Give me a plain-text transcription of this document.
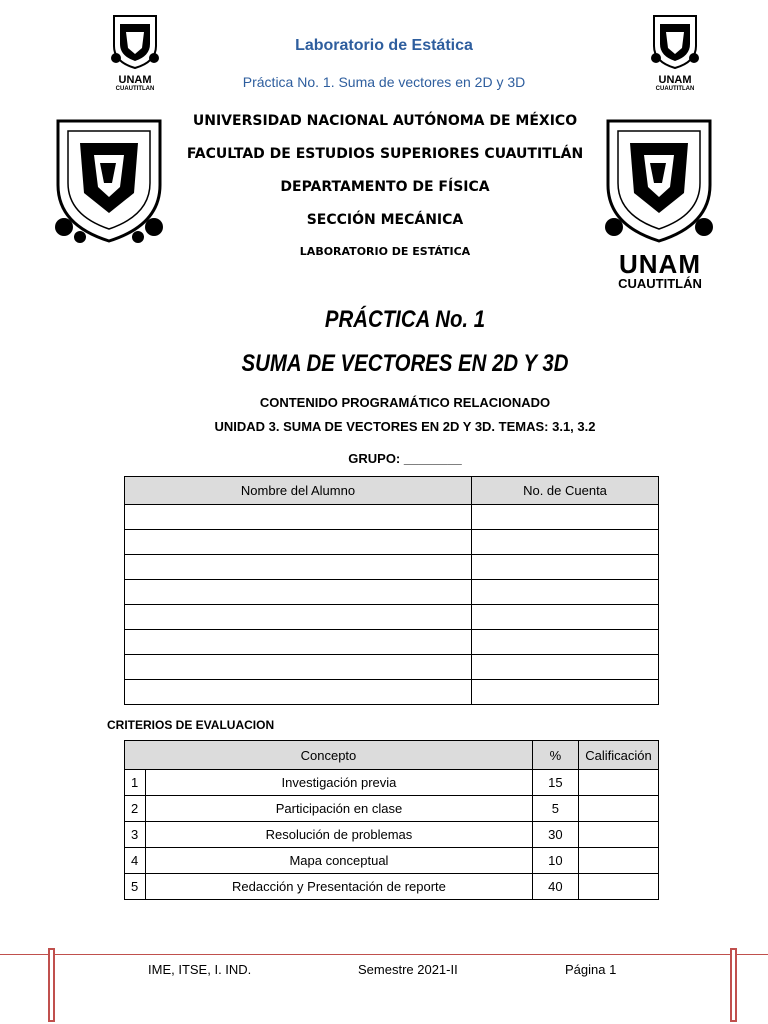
UNAM
CUAUTITLAN
UNAM
CUAUTITLAN
Laboratorio de Estática
Práctica No. 1. Suma de vectores en 2D y 3D
UNAM
CUAUTITLÁN
UNIVERSIDAD NACIONAL AUTÓNOMA DE MÉXICO
FACULTAD DE ESTUDIOS SUPERIORES CUAUTITLÁN
DEPARTAMENTO DE FÍSICA
SECCIÓN MECÁNICA
LABORATORIO DE ESTÁTICA
PRÁCTICA No. 1
SUMA DE VECTORES EN 2D Y 3D
CONTENIDO PROGRAMÁTICO RELACIONADO
UNIDAD 3. SUMA DE VECTORES EN 2D Y 3D. TEMAS: 3.1, 3.2
GRUPO: ________
Nombre del Alumno	No. de Cuenta

CRITERIOS DE EVALUACION
Concepto		%	Calificación
1	Investigación previa	15	
2	Participación en clase	5	
3	Resolución de problemas	30	
4	Mapa conceptual	10	
5	Redacción y Presentación de reporte	40	
IME, ITSE, I. IND.	Semestre 2021-II	Página 1
